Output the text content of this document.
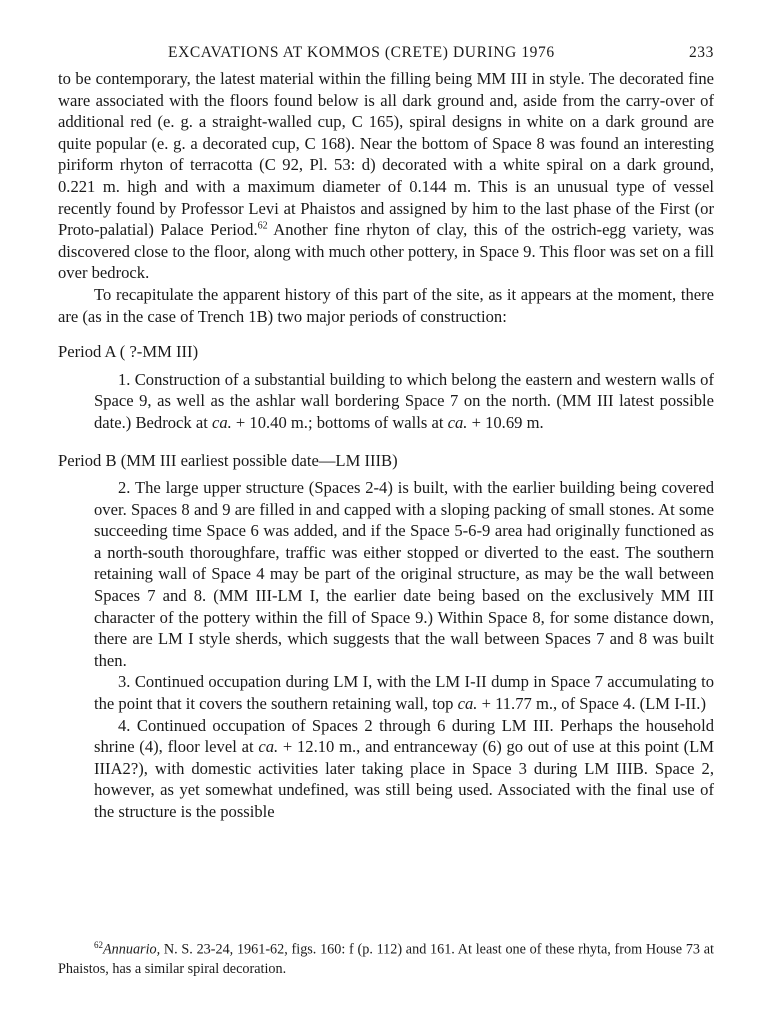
EXCAVATIONS AT KOMMOS (CRETE) DURING 1976	233

to be contemporary, the latest material within the filling being MM III in style. The decorated fine ware associated with the floors found below is all dark ground and, aside from the carry-over of additional red (e. g. a straight-walled cup, C 165), spiral designs in white on a dark ground are quite popular (e. g. a decorated cup, C 168). Near the bottom of Space 8 was found an interesting piriform rhyton of terracotta (C 92, Pl. 53: d) decorated with a white spiral on a dark ground, 0.221 m. high and with a maximum diameter of 0.144 m. This is an unusual type of vessel recently found by Professor Levi at Phaistos and assigned by him to the last phase of the First (or Proto-palatial) Palace Period.$^{62}$ Another fine rhyton of clay, this of the ostrich-egg variety, was discovered close to the floor, along with much other pottery, in Space 9. This floor was set on a fill over bedrock.

To recapitulate the apparent history of this part of the site, as it appears at the moment, there are (as in the case of Trench 1B) two major periods of construction:

Period A ( ?-MM III)

1. Construction of a substantial building to which belong the eastern and western walls of Space 9, as well as the ashlar wall bordering Space 7 on the north. (MM III latest possible date.) Bedrock at ca. + 10.40 m.; bottoms of walls at ca. + 10.69 m.

Period B (MM III earliest possible date—LM IIIB)

2. The large upper structure (Spaces 2-4) is built, with the earlier building being covered over. Spaces 8 and 9 are filled in and capped with a sloping packing of small stones. At some succeeding time Space 6 was added, and if the Space 5-6-9 area had originally functioned as a north-south thoroughfare, traffic was either stopped or diverted to the east. The southern retaining wall of Space 4 may be part of the original structure, as may be the wall between Spaces 7 and 8. (MM III-LM I, the earlier date being based on the exclusively MM III character of the pottery within the fill of Space 9.) Within Space 8, for some distance down, there are LM I style sherds, which suggests that the wall between Spaces 7 and 8 was built then.

3. Continued occupation during LM I, with the LM I-II dump in Space 7 accumulating to the point that it covers the southern retaining wall, top ca. + 11.77 m., of Space 4. (LM I-II.)

4. Continued occupation of Spaces 2 through 6 during LM III. Perhaps the household shrine (4), floor level at ca. + 12.10 m., and entranceway (6) go out of use at this point (LM IIIA2?), with domestic activities later taking place in Space 3 during LM IIIB. Space 2, however, as yet somewhat undefined, was still being used. Associated with the final use of the structure is the possible

$^{62}$Annuario, N. S. 23-24, 1961-62, figs. 160: f (p. 112) and 161. At least one of these rhyta, from House 73 at Phaistos, has a similar spiral decoration.
